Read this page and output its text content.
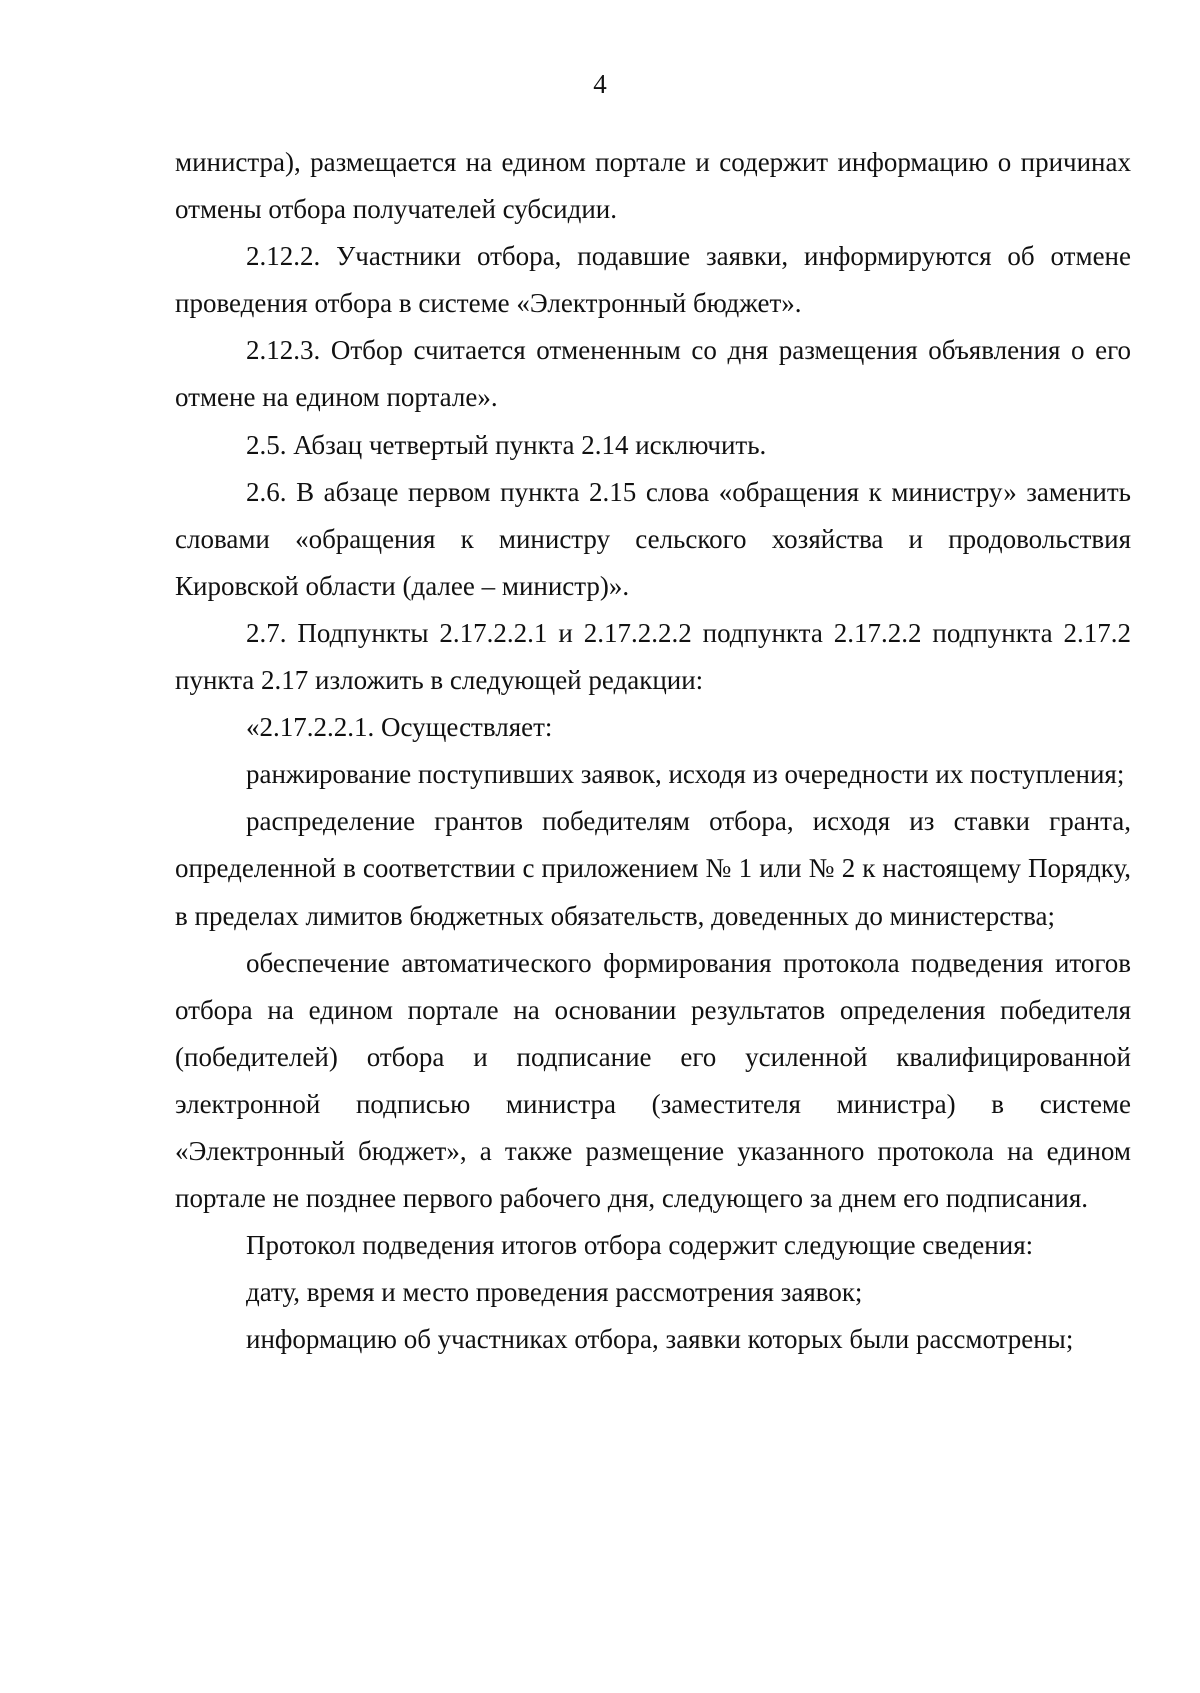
4

министра), размещается на едином портале и содержит информацию о причинах отмены отбора получателей субсидии.

2.12.2. Участники отбора, подавшие заявки, информируются об отмене проведения отбора в системе «Электронный бюджет».

2.12.3. Отбор считается отмененным со дня размещения объявления о его отмене на едином портале».

2.5. Абзац четвертый пункта 2.14 исключить.

2.6. В абзаце первом пункта 2.15 слова «обращения к министру» заменить словами «обращения к министру сельского хозяйства и продовольствия Кировской области (далее – министр)».

2.7. Подпункты 2.17.2.2.1 и 2.17.2.2.2 подпункта 2.17.2.2 подпункта 2.17.2 пункта 2.17 изложить в следующей редакции:

«2.17.2.2.1. Осуществляет:

ранжирование поступивших заявок, исходя из очередности их поступления;

распределение грантов победителям отбора, исходя из ставки гранта, определенной в соответствии с приложением № 1 или № 2 к настоящему Порядку, в пределах лимитов бюджетных обязательств, доведенных до министерства;

обеспечение автоматического формирования протокола подведения итогов отбора на едином портале на основании результатов определения победителя (победителей) отбора и подписание его усиленной квалифицированной электронной подписью министра (заместителя министра) в системе «Электронный бюджет», а также размещение указанного протокола на едином портале не позднее первого рабочего дня, следующего за днем его подписания.

Протокол подведения итогов отбора содержит следующие сведения:

дату, время и место проведения рассмотрения заявок;

информацию об участниках отбора, заявки которых были рассмотрены;
